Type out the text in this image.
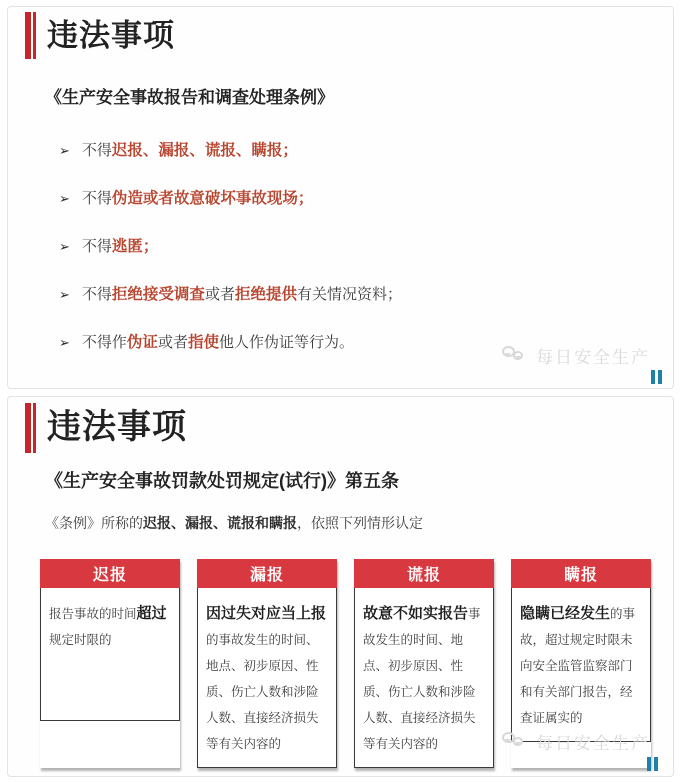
违法事项
《生产安全事故报告和调查处理条例》
➢ 不得迟报、漏报、谎报、瞒报；
➢ 不得伪造或者故意破坏事故现场；
➢ 不得逃匿；
➢ 不得拒绝接受调查或者拒绝提供有关情况资料；
➢ 不得作伪证或者指使他人作伪证等行为。
每日安全生产
违法事项
《生产安全事故罚款处罚规定(试行)》第五条
《条例》所称的迟报、漏报、谎报和瞒报，依照下列情形认定
迟报
报告事故的时间超过规定时限的
漏报
因过失对应当上报的事故发生的时间、地点、初步原因、性质、伤亡人数和涉险人数、直接经济损失等有关内容的
谎报
故意不如实报告事故发生的时间、地点、初步原因、性质、伤亡人数和涉险人数、直接经济损失等有关内容的
瞒报
隐瞒已经发生的事故，超过规定时限未向安全监管监察部门和有关部门报告，经查证属实的
每日安全生产
